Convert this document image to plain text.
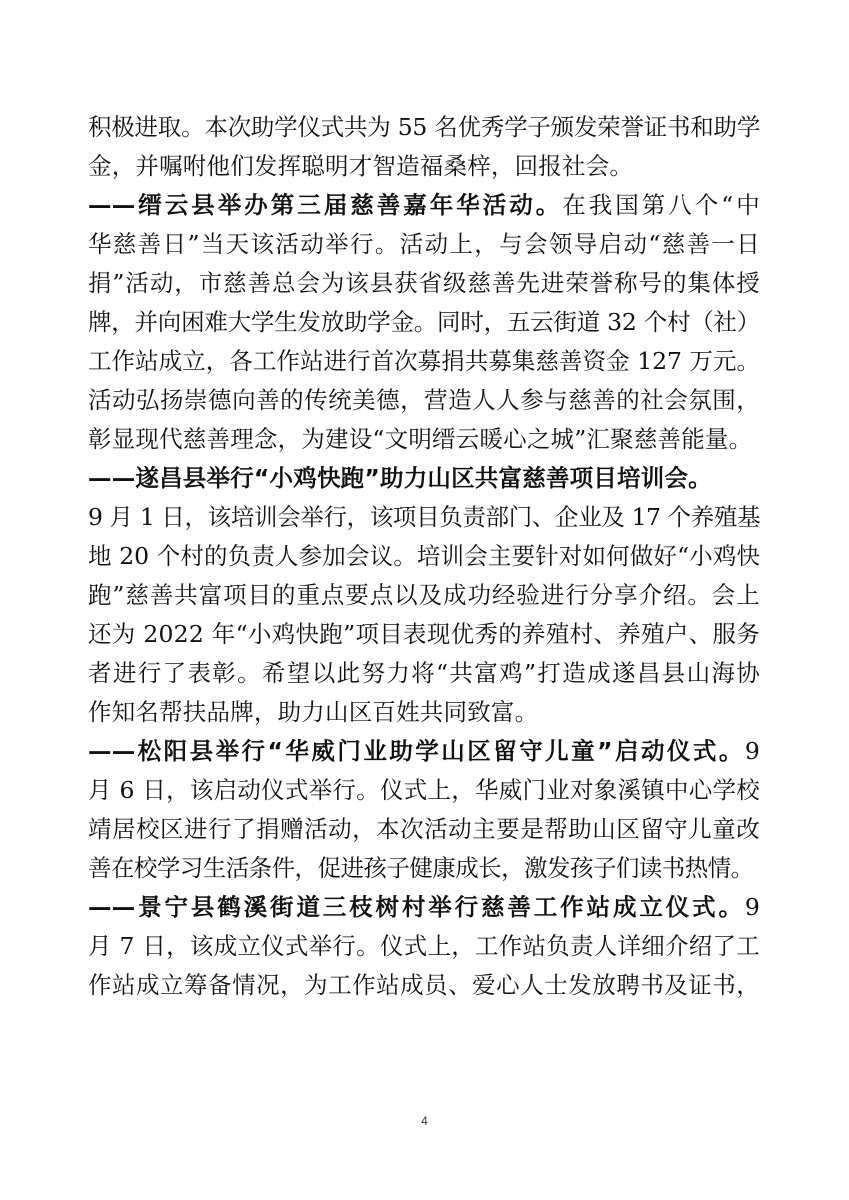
积极进取。本次助学仪式共为 55 名优秀学子颁发荣誉证书和助学
金，并嘱咐他们发挥聪明才智造福桑梓，回报社会。
——缙云县举办第三届慈善嘉年华活动。在我国第八个“中
华慈善日”当天该活动举行。活动上，与会领导启动“慈善一日
捐”活动，市慈善总会为该县获省级慈善先进荣誉称号的集体授
牌，并向困难大学生发放助学金。同时，五云街道 32 个村（社）
工作站成立，各工作站进行首次募捐共募集慈善资金 127 万元。
活动弘扬崇德向善的传统美德，营造人人参与慈善的社会氛围，
彰显现代慈善理念，为建设“文明缙云暖心之城”汇聚慈善能量。
——遂昌县举行“小鸡快跑”助力山区共富慈善项目培训会。
9 月 1 日，该培训会举行，该项目负责部门、企业及 17 个养殖基
地 20 个村的负责人参加会议。培训会主要针对如何做好“小鸡快
跑”慈善共富项目的重点要点以及成功经验进行分享介绍。会上
还为 2022 年“小鸡快跑”项目表现优秀的养殖村、养殖户、服务
者进行了表彰。希望以此努力将“共富鸡”打造成遂昌县山海协
作知名帮扶品牌，助力山区百姓共同致富。
——松阳县举行“华威门业助学山区留守儿童”启动仪式。9
月 6 日，该启动仪式举行。仪式上，华威门业对象溪镇中心学校
靖居校区进行了捐赠活动，本次活动主要是帮助山区留守儿童改
善在校学习生活条件，促进孩子健康成长，激发孩子们读书热情。
——景宁县鹤溪街道三枝树村举行慈善工作站成立仪式。9
月 7 日，该成立仪式举行。仪式上，工作站负责人详细介绍了工
作站成立筹备情况，为工作站成员、爱心人士发放聘书及证书，
4
